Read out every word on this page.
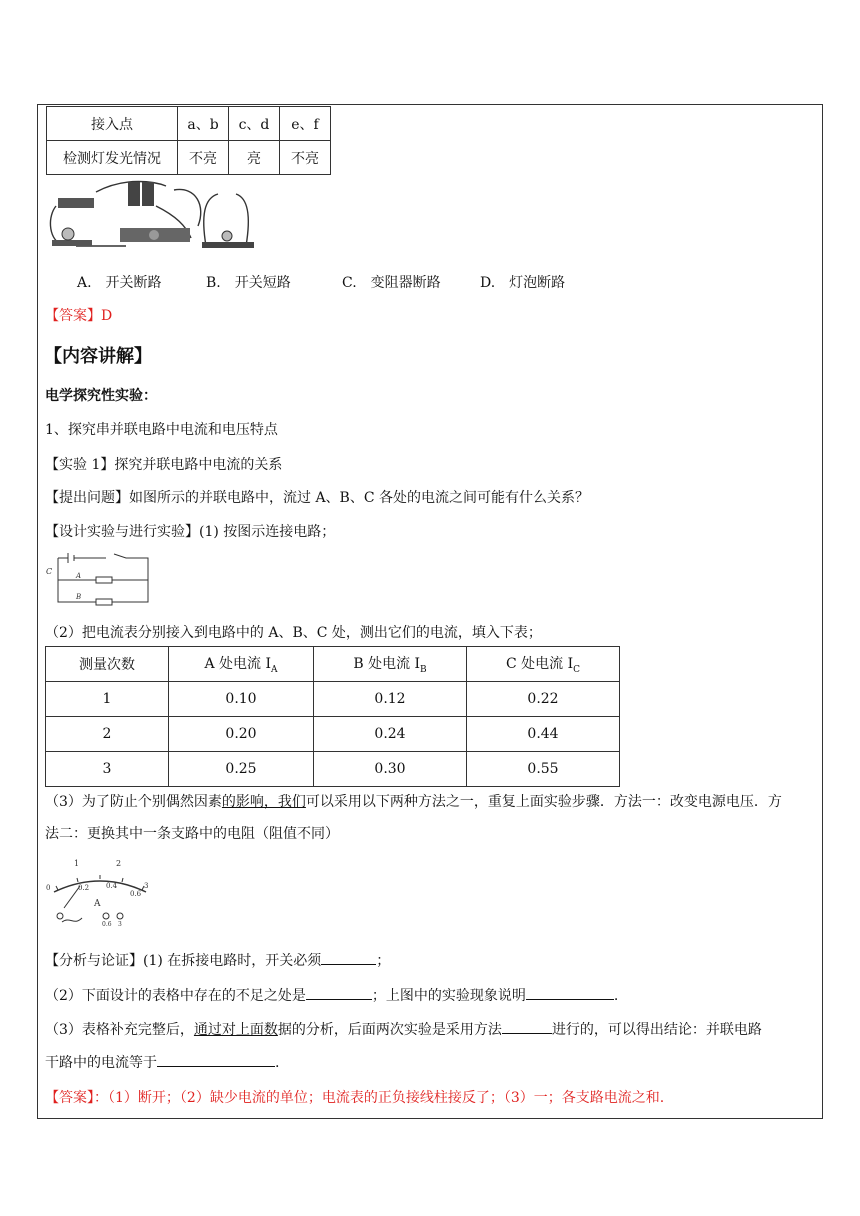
接入点	a、b	c、d	e、f
检测灯发光情况	不亮	亮	不亮
A.　开关断路	B.　开关短路	C.　变阻器断路	D.　灯泡断路
【答案】D
【内容讲解】
电学探究性实验：
1、探究串并联电路中电流和电压特点
【实验 1】探究并联电路中电流的关系
【提出问题】如图所示的并联电路中，流过 A、B、C 各处的电流之间可能有什么关系？
【设计实验与进行实验】(1) 按图示连接电路；
C	A
B
（2）把电流表分别接入到电路中的 A、B、C 处，测出它们的电流，填入下表；
测量次数	A 处电流 $I_A$	B 处电流 $I_B$	C 处电流 $I_C$
1	0.10	0.12	0.22
2	0.20	0.24	0.44
3	0.25	0.30	0.55
（3）为了防止个别偶然因素的影响，我们可以采用以下两种方法之一，重复上面实验步骤．方法一：改变电源电压．方
法二：更换其中一条支路中的电阻（阻值不同）
1	2
0	0.2 0.4
0.6
3
A
0.6 3
【分析与论证】(1) 在拆接电路时，开关必须	；
（2）下面设计的表格中存在的不足之处是	；上图中的实验现象说明	.
（3）表格补充完整后，通过对上面数据的分析，后面两次实验是采用方法	进行的，可以得出结论：并联电路
干路中的电流等于	.
【答案】：（1）断开；（2）缺少电流的单位；电流表的正负接线柱接反了；（3）一；各支路电流之和.
